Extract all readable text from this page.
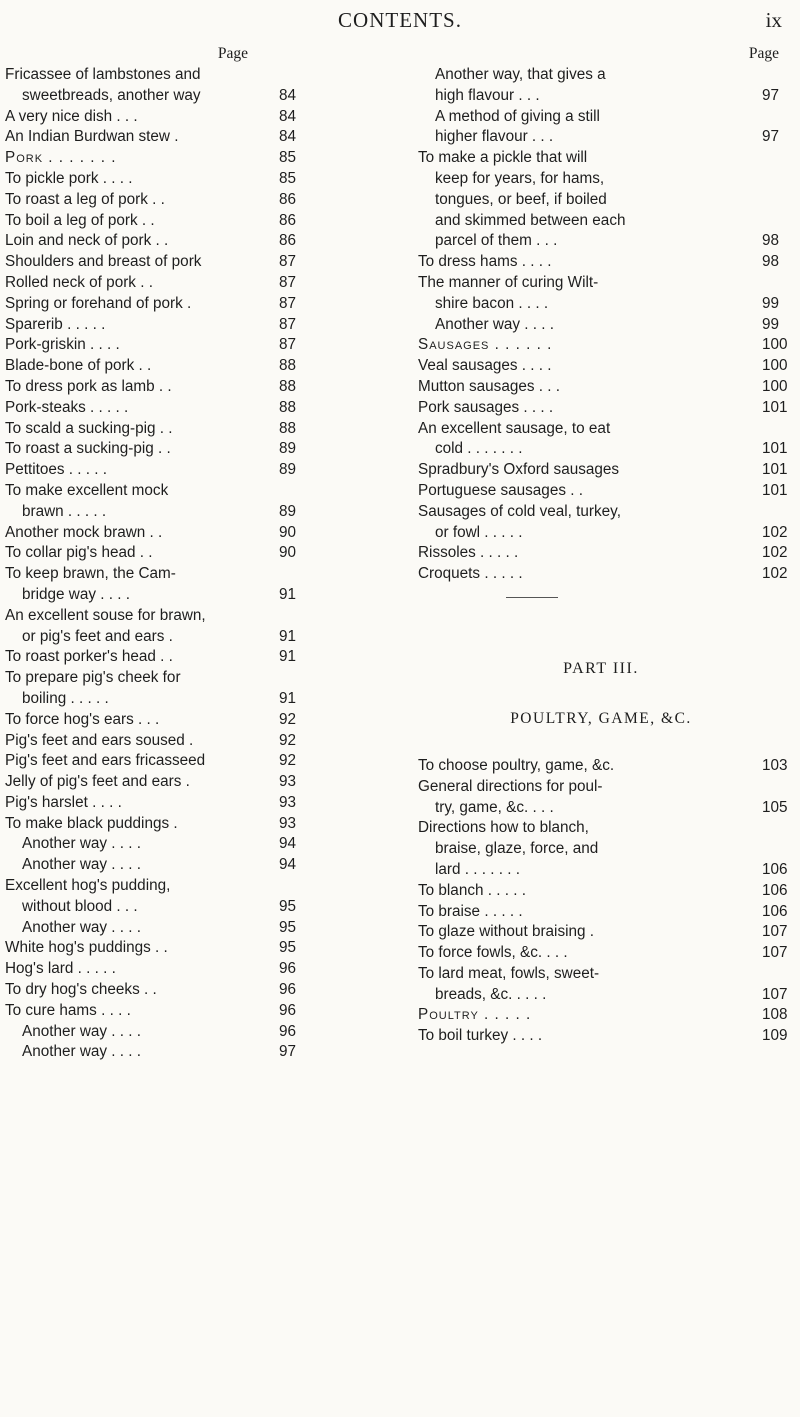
CONTENTS.	ix
Page
Fricassee of lambstones and
sweetbreads, another way	84
A very nice dish . . .	84
An Indian Burdwan stew .	84
Pork . . . . . . .	85
To pickle pork . . . .	85
To roast a leg of pork . .	86
To boil a leg of pork . .	86
Loin and neck of pork . .	86
Shoulders and breast of pork	87
Rolled neck of pork . .	87
Spring or forehand of pork .	87
Sparerib . . . . .	87
Pork-griskin . . . .	87
Blade-bone of pork . .	88
To dress pork as lamb . .	88
Pork-steaks . . . . .	88
To scald a sucking-pig . .	88
To roast a sucking-pig . .	89
Pettitoes . . . . .	89
To make excellent mock
brawn . . . . .	89
Another mock brawn . .	90
To collar pig's head . .	90
To keep brawn, the Cam-
bridge way . . . .	91
An excellent souse for brawn,
or pig's feet and ears .	91
To roast porker's head . .	91
To prepare pig's cheek for
boiling . . . . .	91
To force hog's ears . . .	92
Pig's feet and ears soused .	92
Pig's feet and ears fricasseed	92
Jelly of pig's feet and ears .	93
Pig's harslet . . . .	93
To make black puddings .	93
Another way . . . .	94
Another way . . . .	94
Excellent hog's pudding,
without blood . . .	95
Another way . . . .	95
White hog's puddings . .	95
Hog's lard . . . . .	96
To dry hog's cheeks . .	96
To cure hams . . . .	96
Another way . . . .	96
Another way . . . .	97
Page
Another way, that gives a
high flavour . . .	97
A method of giving a still
higher flavour . . .	97
To make a pickle that will
keep for years, for hams,
tongues, or beef, if boiled
and skimmed between each
parcel of them . . .	98
To dress hams . . . .	98
The manner of curing Wilt-
shire bacon . . . .	99
Another way . . . .	99
Sausages . . . . . .	100
Veal sausages . . . .	100
Mutton sausages . . .	100
Pork sausages . . . .	101
An excellent sausage, to eat
cold . . . . . . .	101
Spradbury's Oxford sausages	101
Portuguese sausages . .	101
Sausages of cold veal, turkey,
or fowl . . . . .	102
Rissoles . . . . .	102
Croquets . . . . .	102
PART III.
POULTRY, GAME, &C.
To choose poultry, game, &c.	103
General directions for poul-
try, game, &c. . . .	105
Directions how to blanch,
braise, glaze, force, and
lard . . . . . . .	106
To blanch . . . . .	106
To braise . . . . .	106
To glaze without braising .	107
To force fowls, &c. . . .	107
To lard meat, fowls, sweet-
breads, &c. . . . .	107
Poultry . . . . .	108
To boil turkey . . . .	109
